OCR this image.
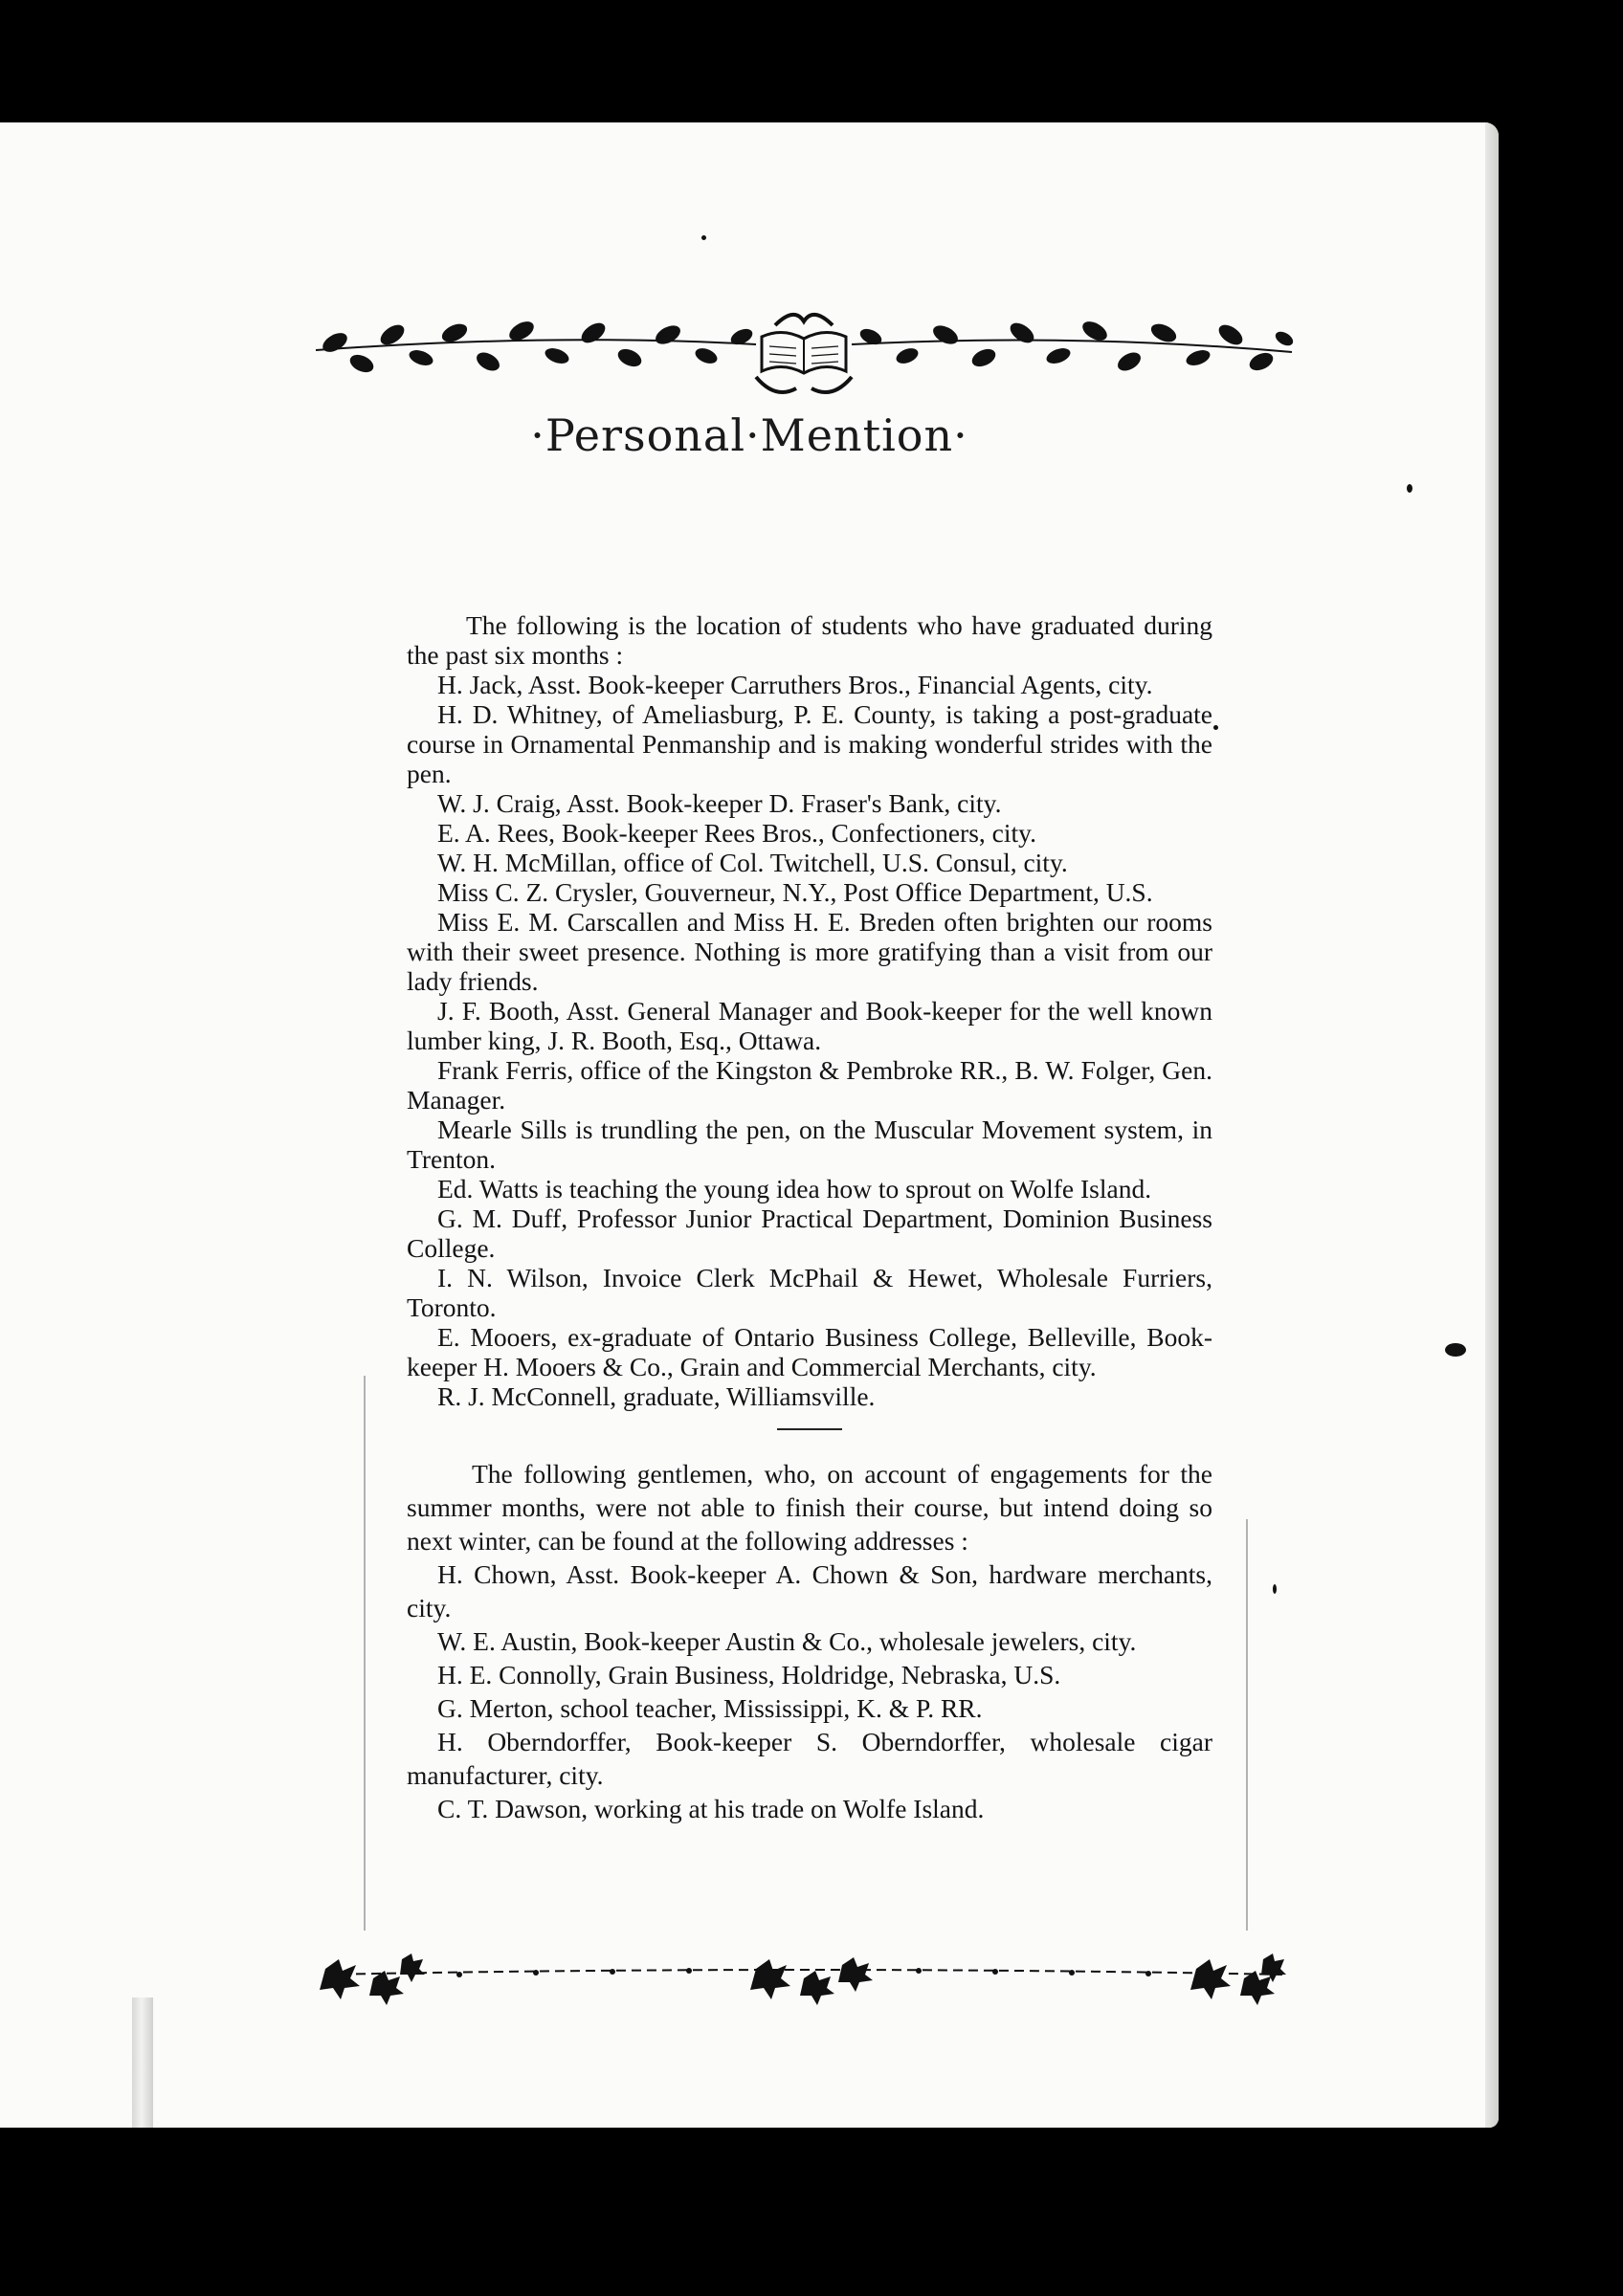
·Personal·Mention·

The following is the location of students who have graduated during the past six months :

H. Jack, Asst. Book-keeper Carruthers Bros., Financial Agents, city.

H. D. Whitney, of Ameliasburg, P. E. County, is taking a post-graduate course in Ornamental Penmanship and is making wonderful strides with the pen.

W. J. Craig, Asst. Book-keeper D. Fraser's Bank, city.

E. A. Rees, Book-keeper Rees Bros., Confectioners, city.

W. H. McMillan, office of Col. Twitchell, U.S. Consul, city.

Miss C. Z. Crysler, Gouverneur, N.Y., Post Office Department, U.S.

Miss E. M. Carscallen and Miss H. E. Breden often brighten our rooms with their sweet presence. Nothing is more gratifying than a visit from our lady friends.

J. F. Booth, Asst. General Manager and Book-keeper for the well known lumber king, J. R. Booth, Esq., Ottawa.

Frank Ferris, office of the Kingston & Pembroke RR., B. W. Folger, Gen. Manager.

Mearle Sills is trundling the pen, on the Muscular Movement system, in Trenton.

Ed. Watts is teaching the young idea how to sprout on Wolfe Island.

G. M. Duff, Professor Junior Practical Department, Dominion Business College.

I. N. Wilson, Invoice Clerk McPhail & Hewet, Wholesale Furriers, Toronto.

E. Mooers, ex-graduate of Ontario Business College, Belleville, Book-keeper H. Mooers & Co., Grain and Commercial Merchants, city.

R. J. McConnell, graduate, Williamsville.

The following gentlemen, who, on account of engagements for the summer months, were not able to finish their course, but intend doing so next winter, can be found at the following addresses :

H. Chown, Asst. Book-keeper A. Chown & Son, hardware merchants, city.

W. E. Austin, Book-keeper Austin & Co., wholesale jewelers, city.

H. E. Connolly, Grain Business, Holdridge, Nebraska, U.S.

G. Merton, school teacher, Mississippi, K. & P. RR.

H. Oberndorffer, Book-keeper S. Oberndorffer, wholesale cigar manufacturer, city.

C. T. Dawson, working at his trade on Wolfe Island.
